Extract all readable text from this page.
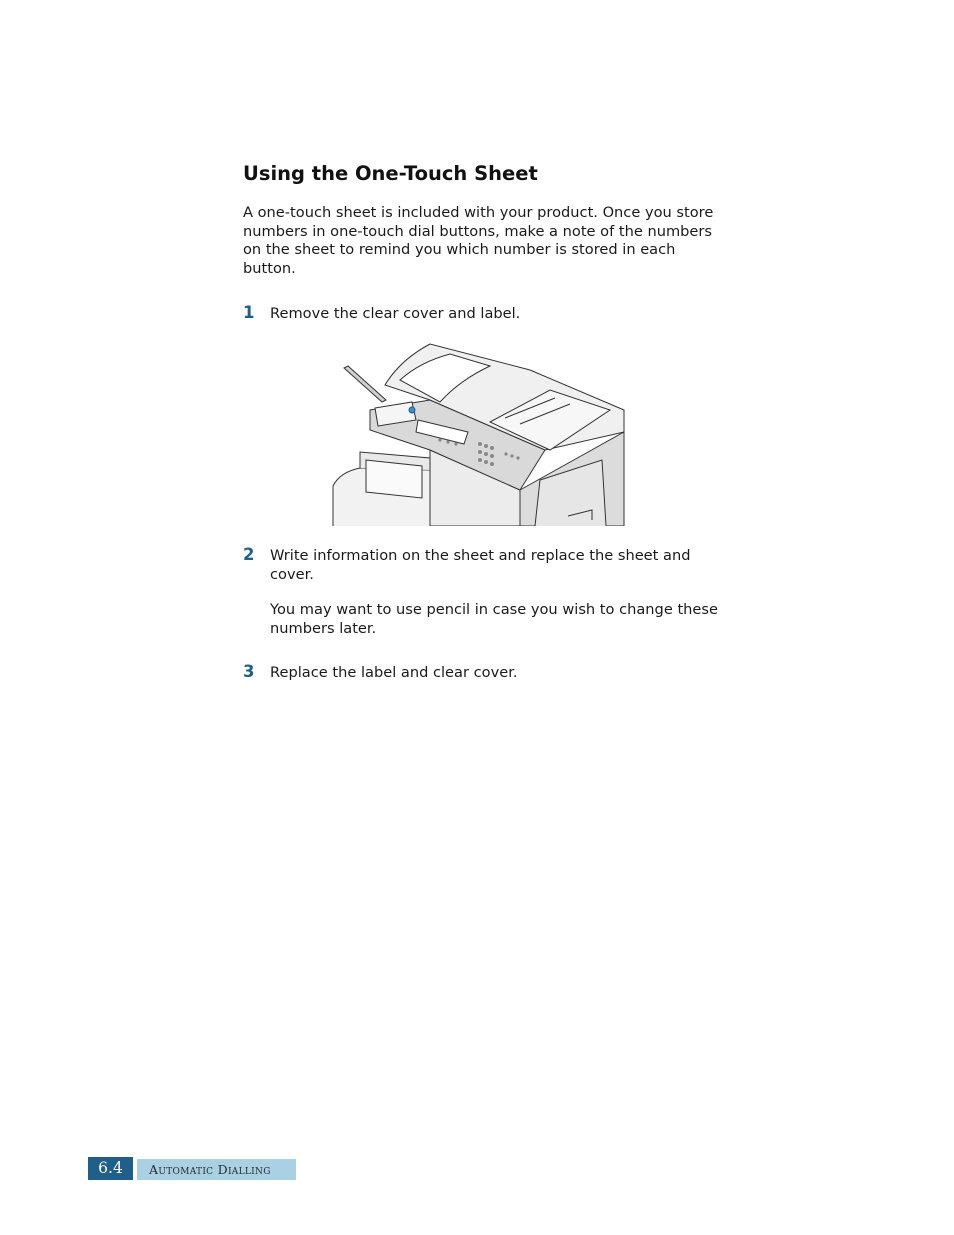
Using the One-Touch Sheet

A one-touch sheet is included with your product. Once you store numbers in one-touch dial buttons, make a note of the numbers on the sheet to remind you which number is stored in each button.

1 Remove the clear cover and label.

2 Write information on the sheet and replace the sheet and cover.

You may want to use pencil in case you wish to change these numbers later.

3 Replace the label and clear cover.

6.4	Automatic Dialling
